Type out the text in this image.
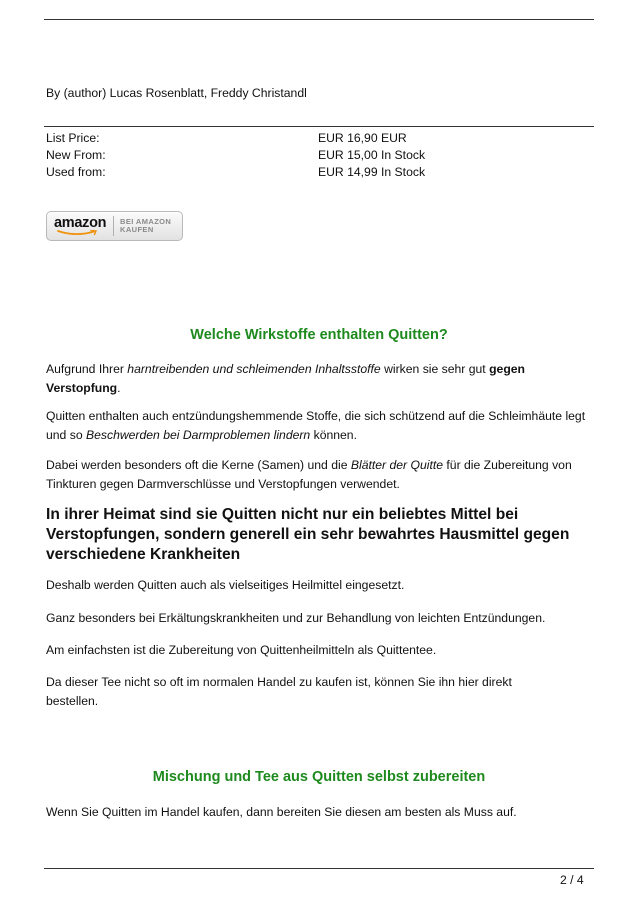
By (author) Lucas Rosenblatt, Freddy Christandl
List Price:	EUR 16,90 EUR
New From:	EUR 15,00 In Stock
Used from:	EUR 14,99 In Stock
amazon	BEI AMAZON
KAUFEN
Welche Wirkstoffe enthalten Quitten?
Aufgrund Ihrer harntreibenden und schleimenden Inhaltsstoffe wirken sie sehr gut gegen Verstopfung.
Quitten enthalten auch entzündungshemmende Stoffe, die sich schützend auf die Schleimhäute legt und so Beschwerden bei Darmproblemen lindern können.
Dabei werden besonders oft die Kerne (Samen) und die Blätter der Quitte für die Zubereitung von Tinkturen gegen Darmverschlüsse und Verstopfungen verwendet.
In ihrer Heimat sind sie Quitten nicht nur ein beliebtes Mittel bei Verstopfungen, sondern generell ein sehr bewahrtes Hausmittel gegen verschiedene Krankheiten
Deshalb werden Quitten auch als vielseitiges Heilmittel eingesetzt.
Ganz besonders bei Erkältungskrankheiten und zur Behandlung von leichten Entzündungen.
Am einfachsten ist die Zubereitung von Quittenheilmitteln als Quittentee.
Da dieser Tee nicht so oft im normalen Handel zu kaufen ist, können Sie ihn hier direkt bestellen.
Mischung und Tee aus Quitten selbst zubereiten
Wenn Sie Quitten im Handel kaufen, dann bereiten Sie diesen am besten als Muss auf.
2 / 4
